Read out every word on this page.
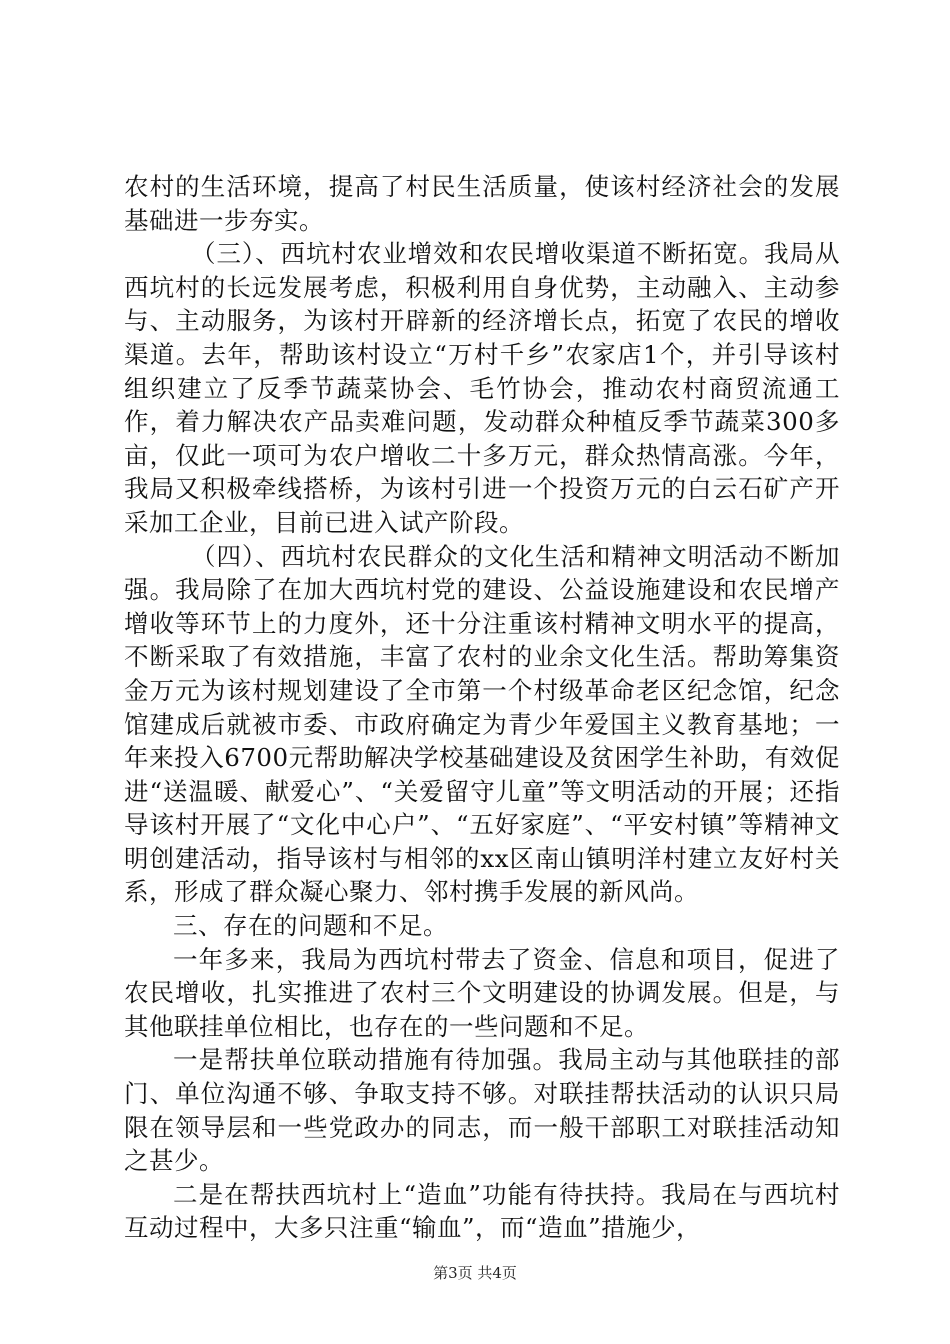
农村的生活环境，提高了村民生活质量，使该村经济社会的发展基础进一步夯实。

（三）、西坑村农业增效和农民增收渠道不断拓宽。我局从西坑村的长远发展考虑，积极利用自身优势，主动融入、主动参与、主动服务，为该村开辟新的经济增长点，拓宽了农民的增收渠道。去年，帮助该村设立“万村千乡”农家店1个，并引导该村组织建立了反季节蔬菜协会、毛竹协会，推动农村商贸流通工作，着力解决农产品卖难问题，发动群众种植反季节蔬菜300多亩，仅此一项可为农户增收二十多万元，群众热情高涨。今年，我局又积极牵线搭桥，为该村引进一个投资万元的白云石矿产开采加工企业，目前已进入试产阶段。

（四）、西坑村农民群众的文化生活和精神文明活动不断加强。我局除了在加大西坑村党的建设、公益设施建设和农民增产增收等环节上的力度外，还十分注重该村精神文明水平的提高，不断采取了有效措施，丰富了农村的业余文化生活。帮助筹集资金万元为该村规划建设了全市第一个村级革命老区纪念馆，纪念馆建成后就被市委、市政府确定为青少年爱国主义教育基地；一年来投入6700元帮助解决学校基础建设及贫困学生补助，有效促进“送温暖、献爱心”、“关爱留守儿童”等文明活动的开展；还指导该村开展了“文化中心户”、“五好家庭”、“平安村镇”等精神文明创建活动，指导该村与相邻的xx区南山镇明洋村建立友好村关系，形成了群众凝心聚力、邻村携手发展的新风尚。

三、存在的问题和不足。

一年多来，我局为西坑村带去了资金、信息和项目，促进了农民增收，扎实推进了农村三个文明建设的协调发展。但是，与其他联挂单位相比，也存在的一些问题和不足。

一是帮扶单位联动措施有待加强。我局主动与其他联挂的部门、单位沟通不够、争取支持不够。对联挂帮扶活动的认识只局限在领导层和一些党政办的同志，而一般干部职工对联挂活动知之甚少。

二是在帮扶西坑村上“造血”功能有待扶持。我局在与西坑村互动过程中，大多只注重“输血”，而“造血”措施少，

第3页 共4页
